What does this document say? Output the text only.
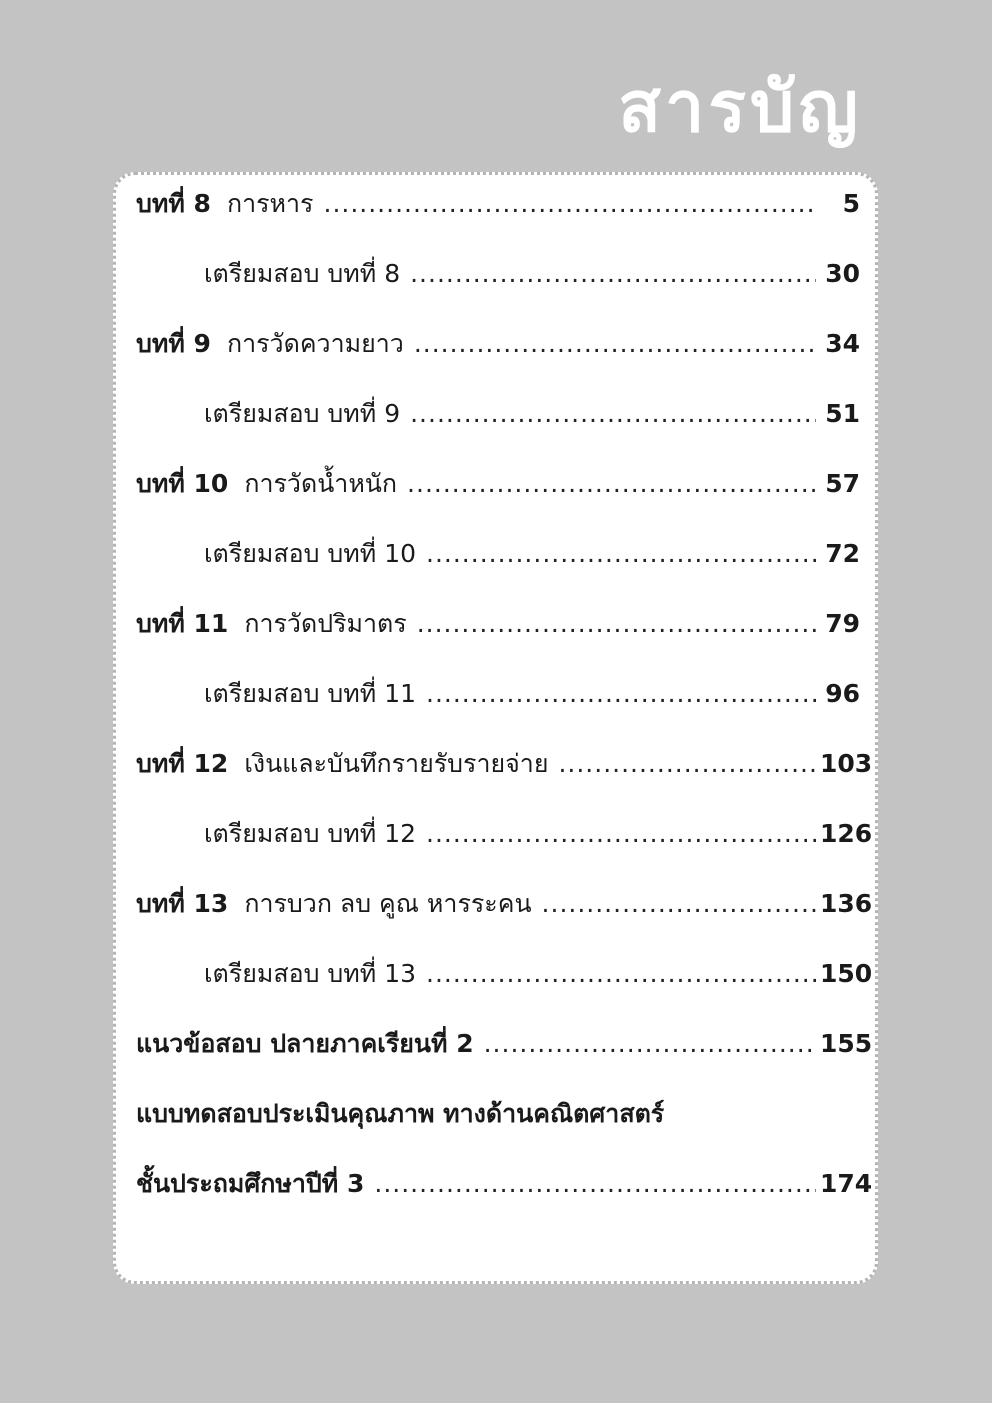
สารบัญ
บทที่ 8 การหาร .....	5
เตรียมสอบ บทที่ 8 .....	30
บทที่ 9 การวัดความยาว .....	34
เตรียมสอบ บทที่ 9 .....	51
บทที่ 10 การวัดน้ำหนัก .....	57
เตรียมสอบ บทที่ 10 .....	72
บทที่ 11 การวัดปริมาตร .....	79
เตรียมสอบ บทที่ 11 .....	96
บทที่ 12 เงินและบันทึกรายรับรายจ่าย .....	103
เตรียมสอบ บทที่ 12 .....	126
บทที่ 13 การบวก ลบ คูณ หารระคน .....	136
เตรียมสอบ บทที่ 13 .....	150
แนวข้อสอบ ปลายภาคเรียนที่ 2 .....	155
แบบทดสอบประเมินคุณภาพ ทางด้านคณิตศาสตร์
ชั้นประถมศึกษาปีที่ 3 .....	174
